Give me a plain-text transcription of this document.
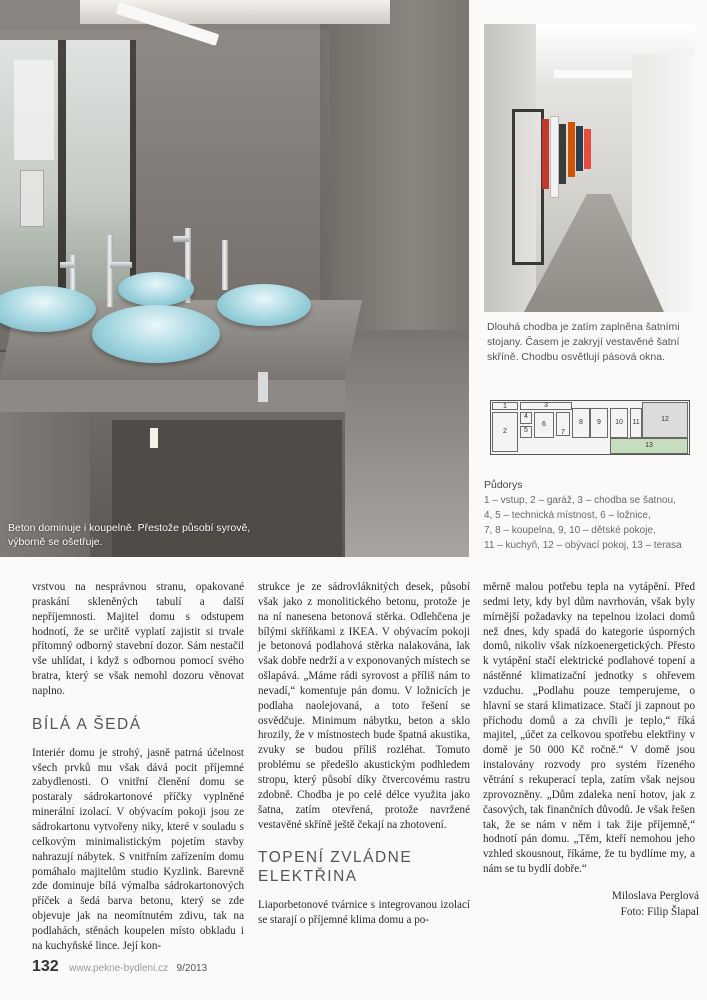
Beton dominuje i koupelně. Přestože působí syrově, výborně se ošetřuje.
Dlouhá chodba je zatím zaplněna šatními stojany. Časem je zakryjí vestavěné šatní skříně. Chodbu osvětlují pásová okna.
1
2
3
4
5
6
7
8	9	10	11	12
13
Půdorys
1 – vstup, 2 – garáž, 3 – chodba se šatnou,
4, 5 – technická místnost, 6 – ložnice,
7, 8 – koupelna, 9, 10 – dětské pokoje,
11 – kuchyň, 12 – obývací pokoj, 13 – terasa

vrstvou na nesprávnou stranu, opakované praskání skleněných tabulí a další nepříjemnosti. Majitel domu s odstupem hodnotí, že se určitě vyplatí zajistit si trvale přítomný odborný stavební dozor. Sám nestačil vše uhlídat, i když s odbornou pomocí svého bratra, který se však nemohl dozoru věnovat naplno.

BÍLÁ A ŠEDÁ

Interiér domu je strohý, jasně patrná účelnost všech prvků mu však dává pocit příjemné zabydlenosti. O vnitřní členění domu se postaraly sádrokartonové příčky vyplněné minerální izolací. V obývacím pokoji jsou ze sádrokartonu vytvořeny niky, které v souladu s celkovým minimalistickým pojetím stavby nahrazují nábytek. S vnitřním zařízením domu pomáhalo majitelům studio Kyzlink. Barevně zde dominuje bílá výmalba sádrokartonových příček a šedá barva betonu, který se zde objevuje jak na neomítnutém zdivu, tak na podlahách, stěnách koupelen místo obkladu i na kuchyňské lince. Její kon-

strukce je ze sádrovláknitých desek, působí však jako z monolitického betonu, protože je na ní nanesena betonová stěrka. Odlehčena je bílými skříňkami z IKEA. V obývacím pokoji je betonová podlahová stěrka nalakována, lak však dobře nedrží a v exponovaných místech se ošlapává. „Máme rádi syrovost a příliš nám to nevadí,“ komentuje pán domu. V ložnicích je podlaha naolejovaná, a toto řešení se osvědčuje. Minimum nábytku, beton a sklo hrozily, že v místnostech bude špatná akustika, zvuky se budou příliš rozléhat. Tomuto problému se předešlo akustickým podhledem stropu, který působí díky čtvercovému rastru zdobně. Chodba je po celé délce využita jako šatna, zatím otevřená, protože navržené vestavěné skříně ještě čekají na zhotovení.

TOPENÍ ZVLÁDNE ELEKTŘINA

Liaporbetonové tvárnice s integrovanou izolací se starají o příjemné klima domu a po-

měrně malou potřebu tepla na vytápění. Před sedmi lety, kdy byl dům navrhován, však byly mírnější požadavky na tepelnou izolaci domů než dnes, kdy spadá do kategorie úsporných domů, nikoliv však nízkoenergetických. Přesto k vytápění stačí elektrické podlahové topení a nástěnné klimatizační jednotky s ohřevem vzduchu. „Podlahu pouze temperujeme, o hlavní se stará klimatizace. Stačí ji zapnout po příchodu domů a za chvíli je teplo,“ říká majitel, „účet za celkovou spotřebu elektřiny v domě je 50 000 Kč ročně.“ V domě jsou instalovány rozvody pro systém řízeného větrání s rekuperací tepla, zatím však nejsou zprovozněny. „Dům zdaleka není hotov, jak z časových, tak finančních důvodů. Je však řešen tak, že se nám v něm i tak žije příjemně,“ hodnotí pán domu. „Těm, kteří nemohou jeho vzhled skousnout, říkáme, že tu bydlíme my, a nám se tu bydlí dobře.“

Miloslava Perglová
Foto: Filip Šlapal
132 www.pekne-bydleni.cz 9/2013
